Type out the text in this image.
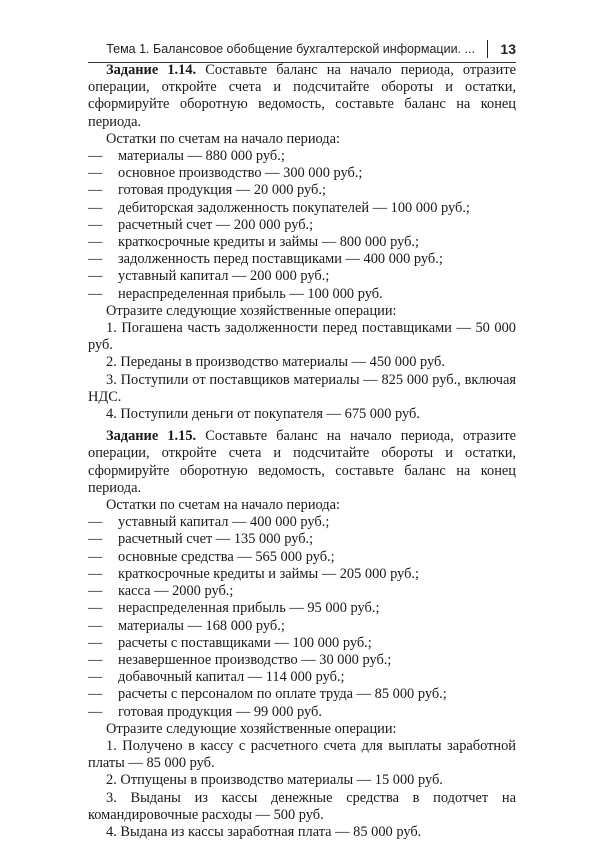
Тема 1. Балансовое обобщение бухгалтерской информации. ... 13

Задание 1.14. Составьте баланс на начало периода, отразите операции, откройте счета и подсчитайте обороты и остатки, сформируйте оборотную ведомость, составьте баланс на конец периода.

Остатки по счетам на начало периода:

—	материалы — 880 000 руб.;
—	основное производство — 300 000 руб.;
—	готовая продукция — 20 000 руб.;
—	дебиторская задолженность покупателей — 100 000 руб.;
—	расчетный счет — 200 000 руб.;
—	краткосрочные кредиты и займы — 800 000 руб.;
—	задолженность перед поставщиками — 400 000 руб.;
—	уставный капитал — 200 000 руб.;
—	нераспределенная прибыль — 100 000 руб.

Отразите следующие хозяйственные операции:

1. Погашена часть задолженности перед поставщиками — 50 000 руб.

2. Переданы в производство материалы — 450 000 руб.

3. Поступили от поставщиков материалы — 825 000 руб., включая НДС.

4. Поступили деньги от покупателя — 675 000 руб.

Задание 1.15. Составьте баланс на начало периода, отразите операции, откройте счета и подсчитайте обороты и остатки, сформируйте оборотную ведомость, составьте баланс на конец периода.

Остатки по счетам на начало периода:

—	уставный капитал — 400 000 руб.;
—	расчетный счет — 135 000 руб.;
—	основные средства — 565 000 руб.;
—	краткосрочные кредиты и займы — 205 000 руб.;
—	касса — 2000 руб.;
—	нераспределенная прибыль — 95 000 руб.;
—	материалы — 168 000 руб.;
—	расчеты с поставщиками — 100 000 руб.;
—	незавершенное производство — 30 000 руб.;
—	добавочный капитал — 114 000 руб.;
—	расчеты с персоналом по оплате труда — 85 000 руб.;
—	готовая продукция — 99 000 руб.

Отразите следующие хозяйственные операции:

1. Получено в кассу с расчетного счета для выплаты заработной платы — 85 000 руб.

2. Отпущены в производство материалы — 15 000 руб.

3. Выданы из кассы денежные средства в подотчет на командировочные расходы — 500 руб.

4. Выдана из кассы заработная плата — 85 000 руб.
